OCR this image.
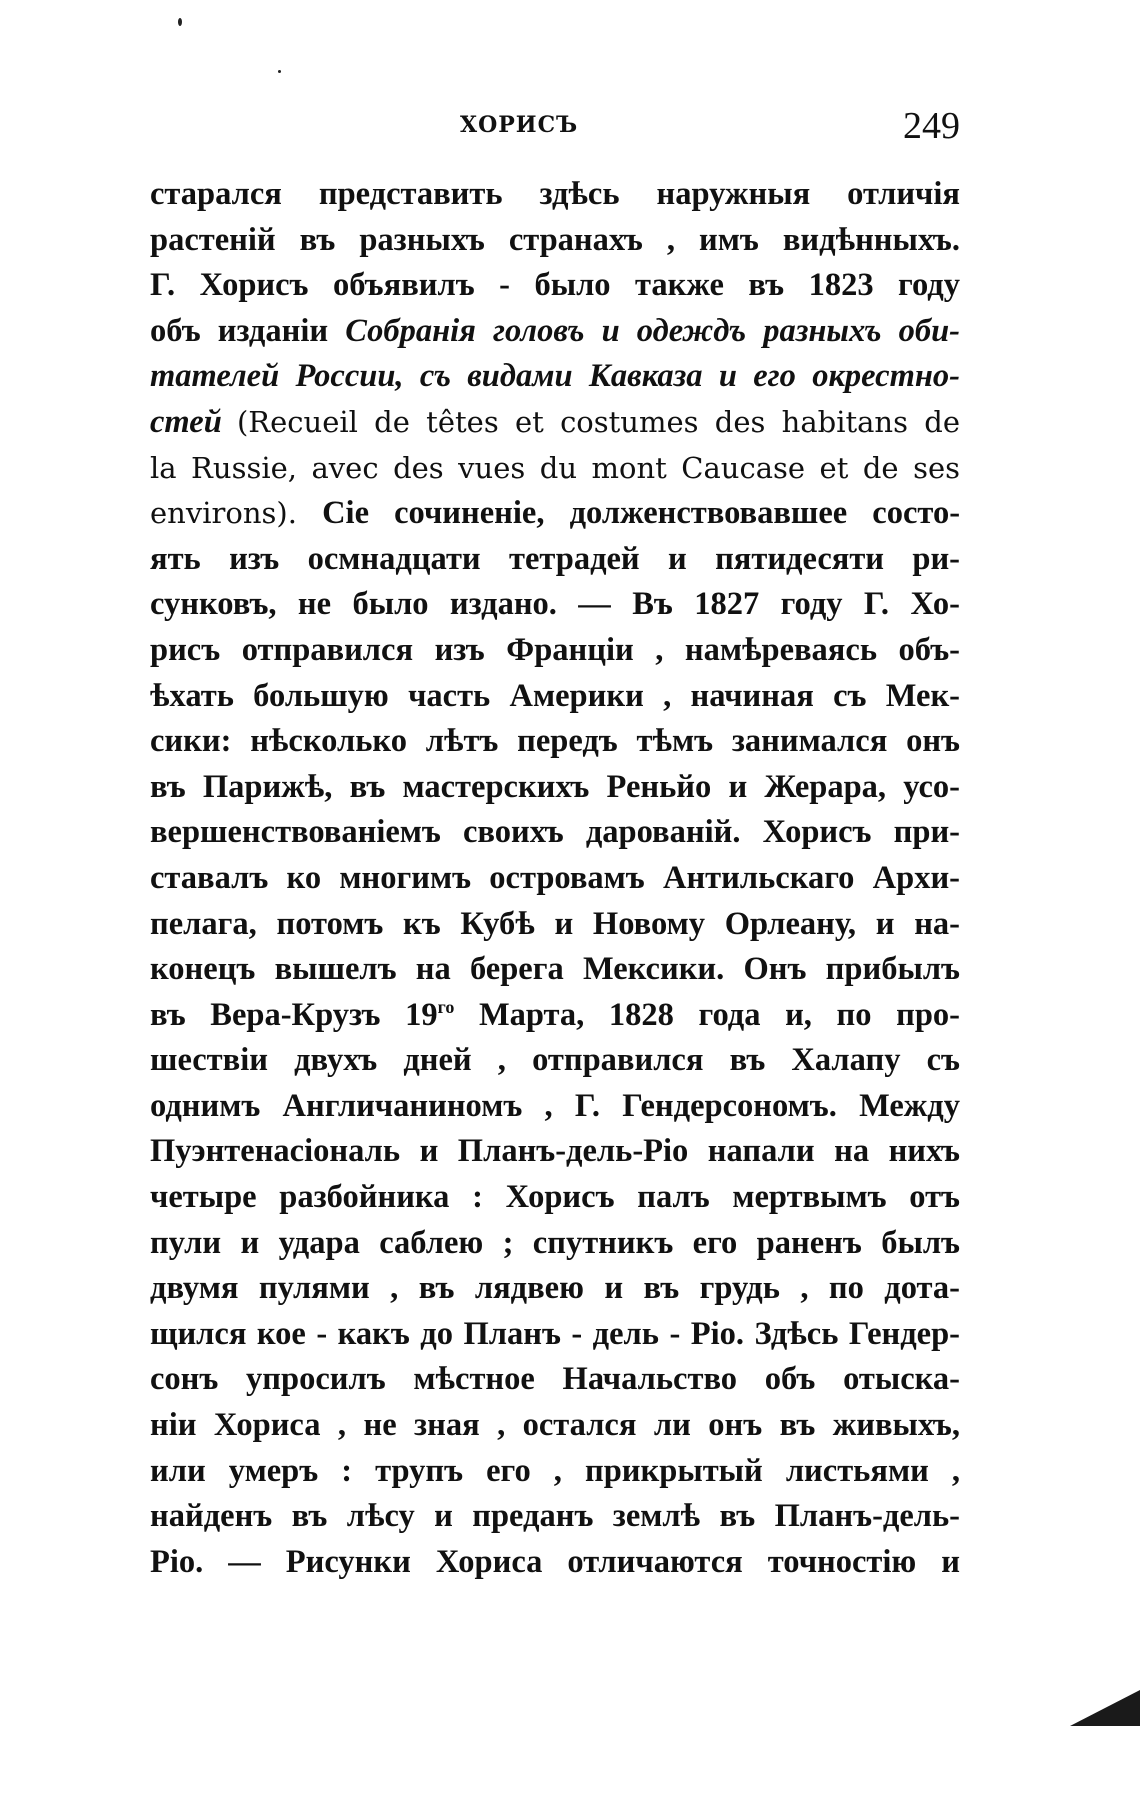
ХОРИСЪ	249
старался представить здѣсь наружныя отличія
растеній въ разныхъ странахъ , имъ видѣнныхъ.
Г. Хорисъ объявилъ - было также въ 1823 году
объ изданіи Собранія головъ и одеждъ разныхъ оби-
тателей России, съ видами Кавказа и его окрестно-
стей (Recueil de têtes et costumes des habitans de
la Russie, avec des vues du mont Caucase et de ses
environs). Сіе сочиненіе, долженствовавшее состо-
ять изъ осмнадцати тетрадей и пятидесяти ри-
сунковъ, не было издано. — Въ 1827 году Г. Хо-
рисъ отправился изъ Франціи , намѣреваясь объ-
ѣхать большую часть Америки , начиная съ Мек-
сики: нѣсколько лѣтъ передъ тѣмъ занимался онъ
въ Парижѣ, въ мастерскихъ Реньйо и Жерара, усо-
вершенствованіемъ своихъ дарованій. Хорисъ при-
ставалъ ко многимъ островамъ Антильскаго Архи-
пелага, потомъ къ Кубѣ и Новому Орлеану, и на-
конецъ вышелъ на берега Мексики. Онъ прибылъ
въ Вера-Крузъ $19^{го}$ Марта, 1828 года и, по про-
шествіи двухъ дней , отправился въ Халапу съ
однимъ Англичаниномъ , Г. Гендерсономъ. Между
Пуэнтенасіональ и Планъ-дель-Ріо напали на нихъ
четыре разбойника : Хорисъ палъ мертвымъ отъ
пули и удара саблею ; спутникъ его раненъ былъ
двумя пулями , въ лядвею и въ грудь , по дота-
щился кое - какъ до Планъ - дель - Ріо. Здѣсь Гендер-
сонъ упросилъ мѣстное Начальство объ отыска-
ніи Хориса , не зная , остался ли онъ въ живыхъ,
или умеръ : трупъ его , прикрытый листьями ,
найденъ въ лѣсу и преданъ землѣ въ Планъ-дель-
Ріо. — Рисунки Хориса отличаются точностію и
